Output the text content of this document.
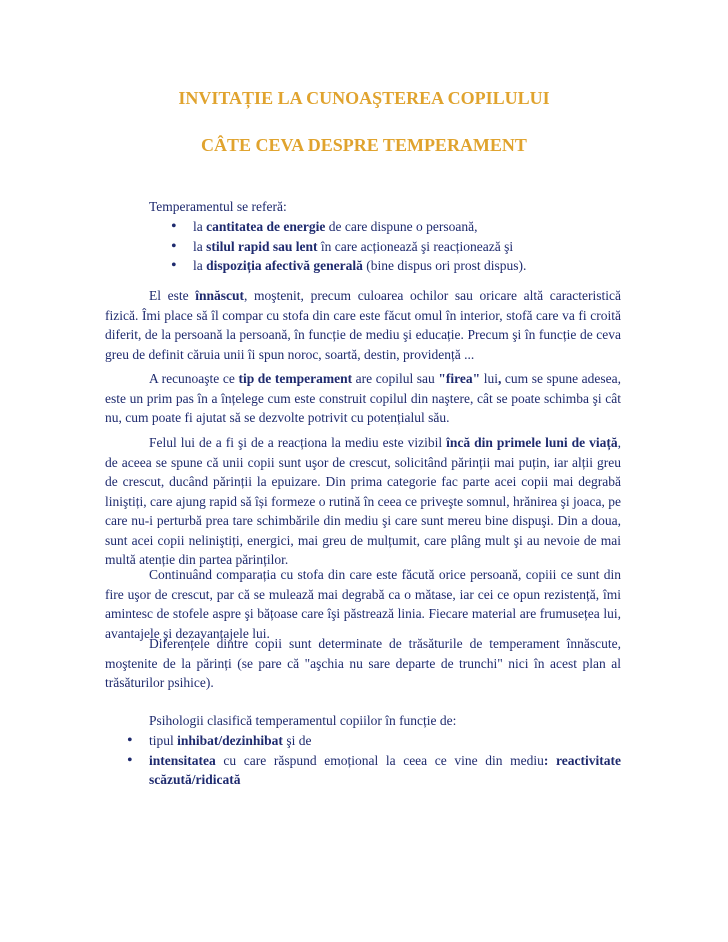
INVITAȚIE LA CUNOAŞTEREA COPILULUI
CÂTE CEVA DESPRE TEMPERAMENT

Temperamentul se referă:

• la cantitatea de energie de care dispune o persoană,
• la stilul rapid sau lent în care acționează şi reacționează şi
• la dispoziția afectivă generală (bine dispus ori prost dispus).

El este înnăscut, moştenit, precum culoarea ochilor sau oricare altă caracteristică fizică. Îmi place să îl compar cu stofa din care este făcut omul în interior, stofă care va fi croită diferit, de la persoană la persoană, în funcție de mediu şi educație. Precum şi în funcție de ceva greu de definit căruia unii îi spun noroc, soartă, destin, providență ...

A recunoaşte ce tip de temperament are copilul sau "firea" lui, cum se spune adesea, este un prim pas în a înțelege cum este construit copilul din naştere, cât se poate schimba şi cât nu, cum poate fi ajutat să se dezvolte potrivit cu potențialul său.

Felul lui de a fi şi de a reacționa la mediu este vizibil încă din primele luni de viață, de aceea se spune că unii copii sunt uşor de crescut, solicitând părinții mai puțin, iar alții greu de crescut, ducând părinții la epuizare. Din prima categorie fac parte acei copii mai degrabă liniştiți, care ajung rapid să își formeze o rutină în ceea ce priveşte somnul, hrănirea şi joaca, pe care nu-i perturbă prea tare schimbările din mediu şi care sunt mereu bine dispuşi. Din a doua, sunt acei copii neliniştiți, energici, mai greu de mulțumit, care plâng mult şi au nevoie de mai multă atenție din partea părinților.

Continuând comparația cu stofa din care este făcută orice persoană, copiii ce sunt din fire uşor de crescut, par că se mulează mai degrabă ca o mătase, iar cei ce opun rezistență, îmi amintesc de stofele aspre şi bățoase care îşi păstrează linia. Fiecare material are frumusețea lui, avantajele şi dezavantajele lui.

Diferențele dintre copii sunt determinate de trăsăturile de temperament înnăscute, moştenite de la părinți (se pare că "aşchia nu sare departe de trunchi" nici în acest plan al trăsăturilor psihice).

Psihologii clasifică temperamentul copiilor în funcție de:

• tipul inhibat/dezinhibat şi de
• intensitatea cu care răspund emoțional la ceea ce vine din mediu: reactivitate scăzută/ridicată
